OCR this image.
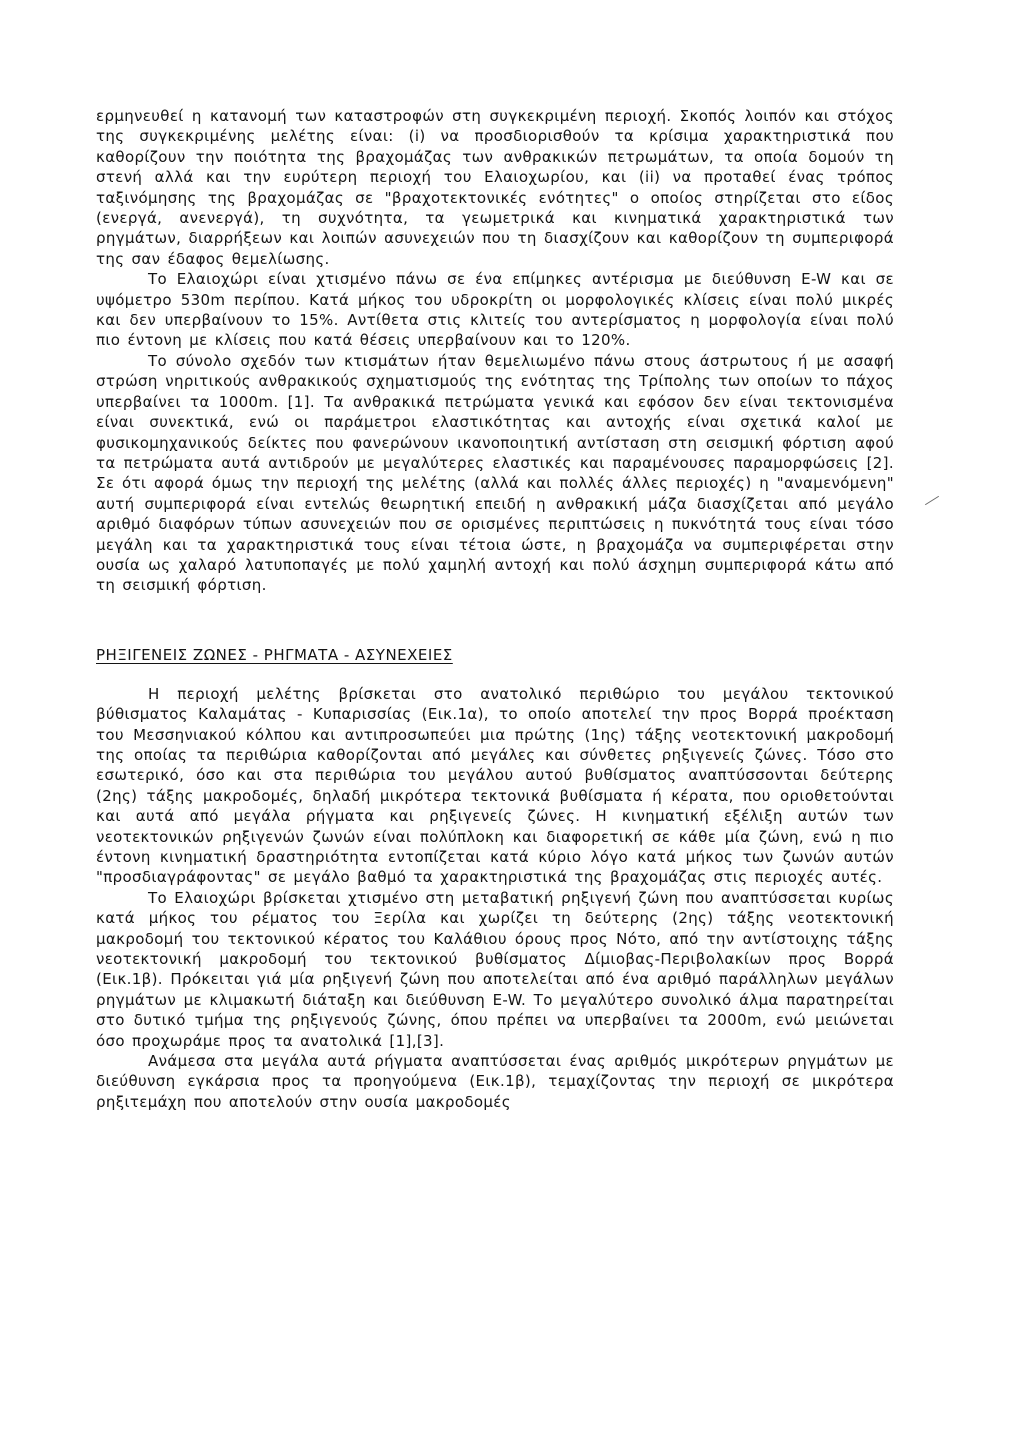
ερμηνευθεί η κατανομή των καταστροφών στη συγκεκριμένη περιοχή. Σκοπός λοιπόν και στόχος της συγκεκριμένης μελέτης είναι: (i) να προσδιορισθούν τα κρίσιμα χαρακτηριστικά που καθορίζουν την ποιότητα της βραχομάζας των ανθρακικών πετρωμάτων, τα οποία δομούν τη στενή αλλά και την ευρύτερη περιοχή του Ελαιοχωρίου, και (ii) να προταθεί ένας τρόπος ταξινόμησης της βραχομάζας σε "βραχοτεκτονικές ενότητες" ο οποίος στηρίζεται στο είδος (ενεργά, ανενεργά), τη συχνότητα, τα γεωμετρικά και κινηματικά χαρακτηριστικά των ρηγμάτων, διαρρήξεων και λοιπών ασυνεχειών που τη διασχίζουν και καθορίζουν τη συμπεριφορά της σαν έδαφος θεμελίωσης.

Το Ελαιοχώρι είναι χτισμένο πάνω σε ένα επίμηκες αντέρισμα με διεύθυνση E-W και σε υψόμετρο 530m περίπου. Κατά μήκος του υδροκρίτη οι μορφολογικές κλίσεις είναι πολύ μικρές και δεν υπερβαίνουν το 15%. Αντίθετα στις κλιτείς του αντερίσματος η μορφολογία είναι πολύ πιο έντονη με κλίσεις που κατά θέσεις υπερβαίνουν και το 120%.

Το σύνολο σχεδόν των κτισμάτων ήταν θεμελιωμένο πάνω στους άστρωτους ή με ασαφή στρώση νηριτικούς ανθρακικούς σχηματισμούς της ενότητας της Τρίπολης των οποίων το πάχος υπερβαίνει τα 1000m. [1]. Τα ανθρακικά πετρώματα γενικά και εφόσον δεν είναι τεκτονισμένα είναι συνεκτικά, ενώ οι παράμετροι ελαστικότητας και αντοχής είναι σχετικά καλοί με φυσικομηχανικούς δείκτες που φανερώνουν ικανοποιητική αντίσταση στη σεισμική φόρτιση αφού τα πετρώματα αυτά αντιδρούν με μεγαλύτερες ελαστικές και παραμένουσες παραμορφώσεις [2]. Σε ότι αφορά όμως την περιοχή της μελέτης (αλλά και πολλές άλλες περιοχές) η "αναμενόμενη" αυτή συμπεριφορά είναι εντελώς θεωρητική επειδή η ανθρακική μάζα διασχίζεται από μεγάλο αριθμό διαφόρων τύπων ασυνεχειών που σε ορισμένες περιπτώσεις η πυκνότητά τους είναι τόσο μεγάλη και τα χαρακτηριστικά τους είναι τέτοια ώστε, η βραχομάζα να συμπεριφέρεται στην ουσία ως χαλαρό λατυποπαγές με πολύ χαμηλή αντοχή και πολύ άσχημη συμπεριφορά κάτω από τη σεισμική φόρτιση.

ΡΗΞΙΓΕΝΕΙΣ ΖΩΝΕΣ - ΡΗΓΜΑΤΑ - ΑΣΥΝΕΧΕΙΕΣ

Η περιοχή μελέτης βρίσκεται στο ανατολικό περιθώριο του μεγάλου τεκτονικού βύθισματος Καλαμάτας - Κυπαρισσίας (Εικ.1α), το οποίο αποτελεί την προς Βορρά προέκταση του Μεσσηνιακού κόλπου και αντιπροσωπεύει μια πρώτης (1ης) τάξης νεοτεκτονική μακροδομή της οποίας τα περιθώρια καθορίζονται από μεγάλες και σύνθετες ρηξιγενείς ζώνες. Τόσο στο εσωτερικό, όσο και στα περιθώρια του μεγάλου αυτού βυθίσματος αναπτύσσονται δεύτερης (2ης) τάξης μακροδομές, δηλαδή μικρότερα τεκτονικά βυθίσματα ή κέρατα, που οριοθετούνται και αυτά από μεγάλα ρήγματα και ρηξιγενείς ζώνες. Η κινηματική εξέλιξη αυτών των νεοτεκτονικών ρηξιγενών ζωνών είναι πολύπλοκη και διαφορετική σε κάθε μία ζώνη, ενώ η πιο έντονη κινηματική δραστηριότητα εντοπίζεται κατά κύριο λόγο κατά μήκος των ζωνών αυτών "προσδιαγράφοντας" σε μεγάλο βαθμό τα χαρακτηριστικά της βραχομάζας στις περιοχές αυτές.

Το Ελαιοχώρι βρίσκεται χτισμένο στη μεταβατική ρηξιγενή ζώνη που αναπτύσσεται κυρίως κατά μήκος του ρέματος του Ξερίλα και χωρίζει τη δεύτερης (2ης) τάξης νεοτεκτονική μακροδομή του τεκτονικού κέρατος του Καλάθιου όρους προς Νότο, από την αντίστοιχης τάξης νεοτεκτονική μακροδομή του τεκτονικού βυθίσματος Δίμιοβας-Περιβολακίων προς Βορρά (Εικ.1β). Πρόκειται γιά μία ρηξιγενή ζώνη που αποτελείται από ένα αριθμό παράλληλων μεγάλων ρηγμάτων με κλιμακωτή διάταξη και διεύθυνση E-W. Το μεγαλύτερο συνολικό άλμα παρατηρείται στο δυτικό τμήμα της ρηξιγενούς ζώνης, όπου πρέπει να υπερβαίνει τα 2000m, ενώ μειώνεται όσο προχωράμε προς τα ανατολικά [1],[3].

Ανάμεσα στα μεγάλα αυτά ρήγματα αναπτύσσεται ένας αριθμός μικρότερων ρηγμάτων με διεύθυνση εγκάρσια προς τα προηγούμενα (Εικ.1β), τεμαχίζοντας την περιοχή σε μικρότερα ρηξιτεμάχη που αποτελούν στην ουσία μακροδομές
